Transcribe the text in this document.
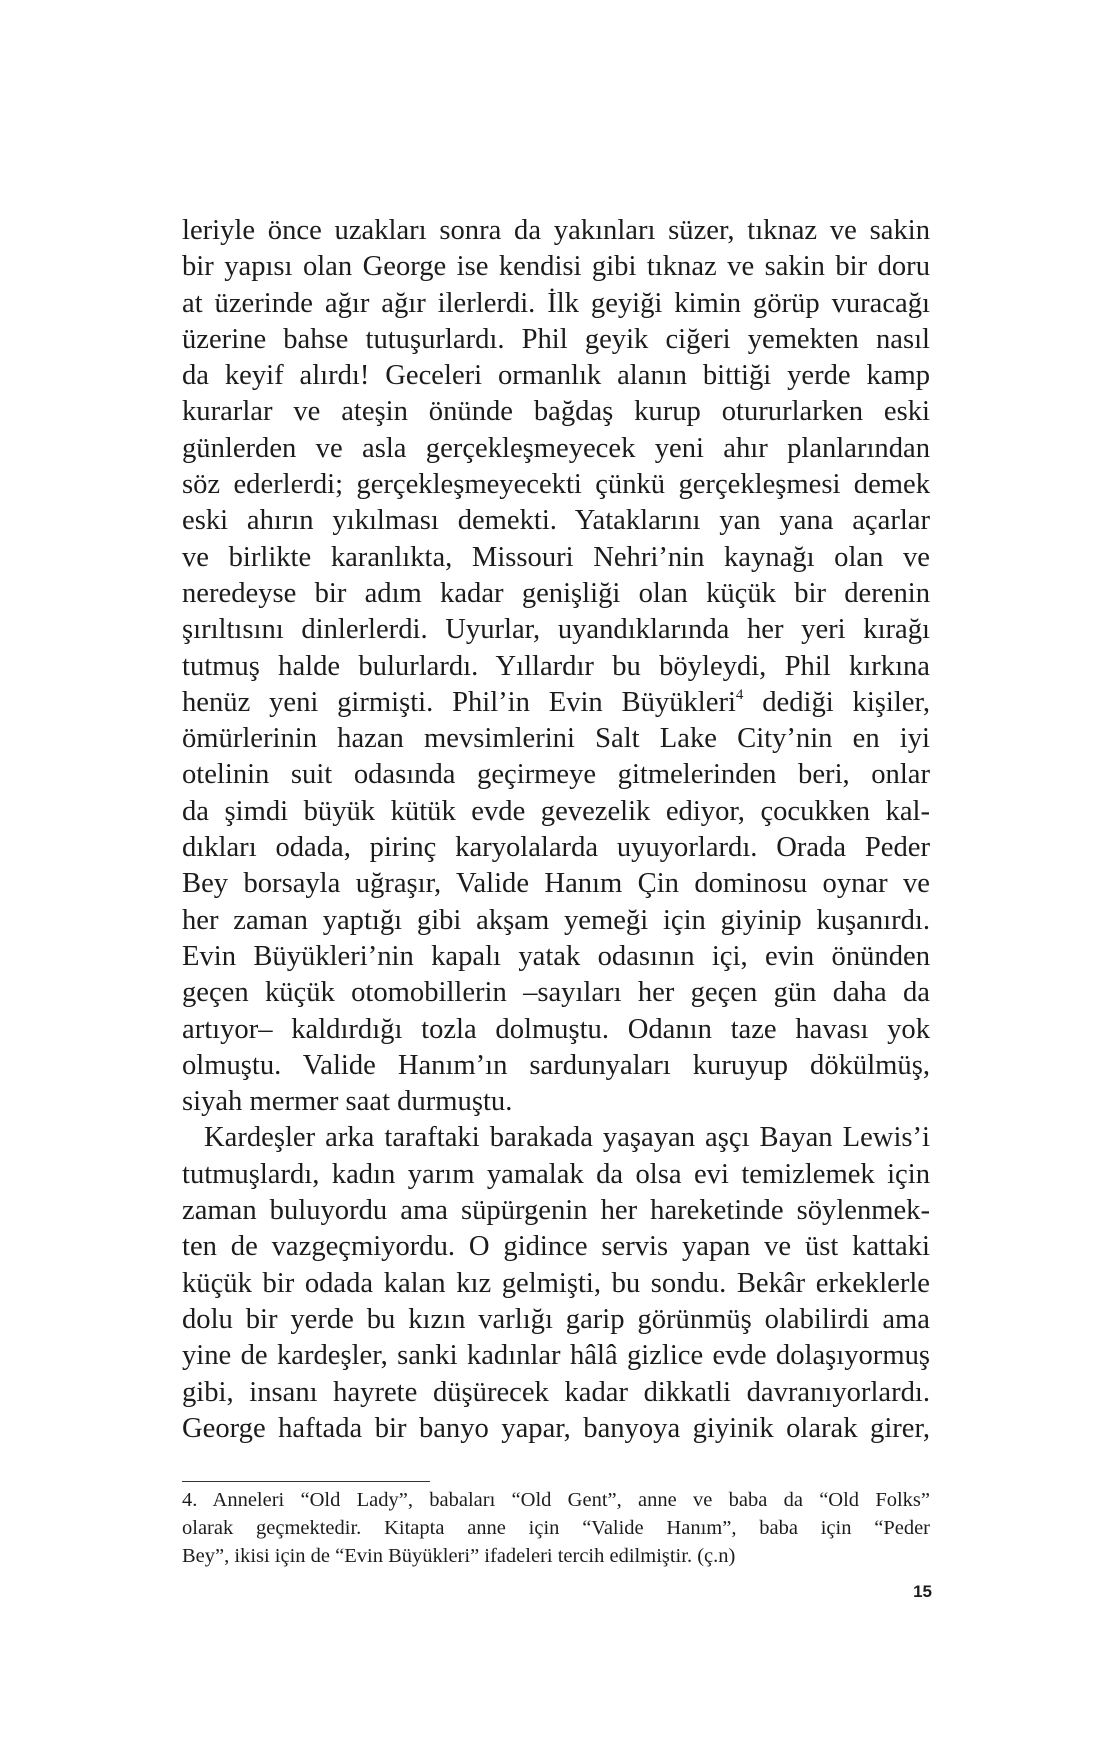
leriyle önce uzakları sonra da yakınları süzer, tıknaz ve sakin
bir yapısı olan George ise kendisi gibi tıknaz ve sakin bir doru
at üzerinde ağır ağır ilerlerdi. İlk geyiği kimin görüp vuracağı
üzerine bahse tutuşurlardı. Phil geyik ciğeri yemekten nasıl
da keyif alırdı! Geceleri ormanlık alanın bittiği yerde kamp
kurarlar ve ateşin önünde bağdaş kurup otururlarken eski
günlerden ve asla gerçekleşmeyecek yeni ahır planlarından
söz ederlerdi; gerçekleşmeyecekti çünkü gerçekleşmesi demek
eski ahırın yıkılması demekti. Yataklarını yan yana açarlar
ve birlikte karanlıkta, Missouri Nehri’nin kaynağı olan ve
neredeyse bir adım kadar genişliği olan küçük bir derenin
şırıltısını dinlerlerdi. Uyurlar, uyandıklarında her yeri kırağı
tutmuş halde bulurlardı. Yıllardır bu böyleydi, Phil kırkına
henüz yeni girmişti. Phil’in Evin Büyükleri$^4$ dediği kişiler,
ömürlerinin hazan mevsimlerini Salt Lake City’nin en iyi
otelinin suit odasında geçirmeye gitmelerinden beri, onlar
da şimdi büyük kütük evde gevezelik ediyor, çocukken kal-
dıkları odada, pirinç karyolalarda uyuyorlardı. Orada Peder
Bey borsayla uğraşır, Valide Hanım Çin dominosu oynar ve
her zaman yaptığı gibi akşam yemeği için giyinip kuşanırdı.
Evin Büyükleri’nin kapalı yatak odasının içi, evin önünden
geçen küçük otomobillerin –sayıları her geçen gün daha da
artıyor– kaldırdığı tozla dolmuştu. Odanın taze havası yok
olmuştu. Valide Hanım’ın sardunyaları kuruyup dökülmüş,
siyah mermer saat durmuştu.
Kardeşler arka taraftaki barakada yaşayan aşçı Bayan Lewis’i
tutmuşlardı, kadın yarım yamalak da olsa evi temizlemek için
zaman buluyordu ama süpürgenin her hareketinde söylenmek-
ten de vazgeçmiyordu. O gidince servis yapan ve üst kattaki
küçük bir odada kalan kız gelmişti, bu sondu. Bekâr erkeklerle
dolu bir yerde bu kızın varlığı garip görünmüş olabilirdi ama
yine de kardeşler, sanki kadınlar hâlâ gizlice evde dolaşıyormuş
gibi, insanı hayrete düşürecek kadar dikkatli davranıyorlardı.
George haftada bir banyo yapar, banyoya giyinik olarak girer,
4. Anneleri “Old Lady”, babaları “Old Gent”, anne ve baba da “Old Folks”
olarak geçmektedir. Kitapta anne için “Valide Hanım”, baba için “Peder
Bey”, ikisi için de “Evin Büyükleri” ifadeleri tercih edilmiştir. (ç.n)
15
